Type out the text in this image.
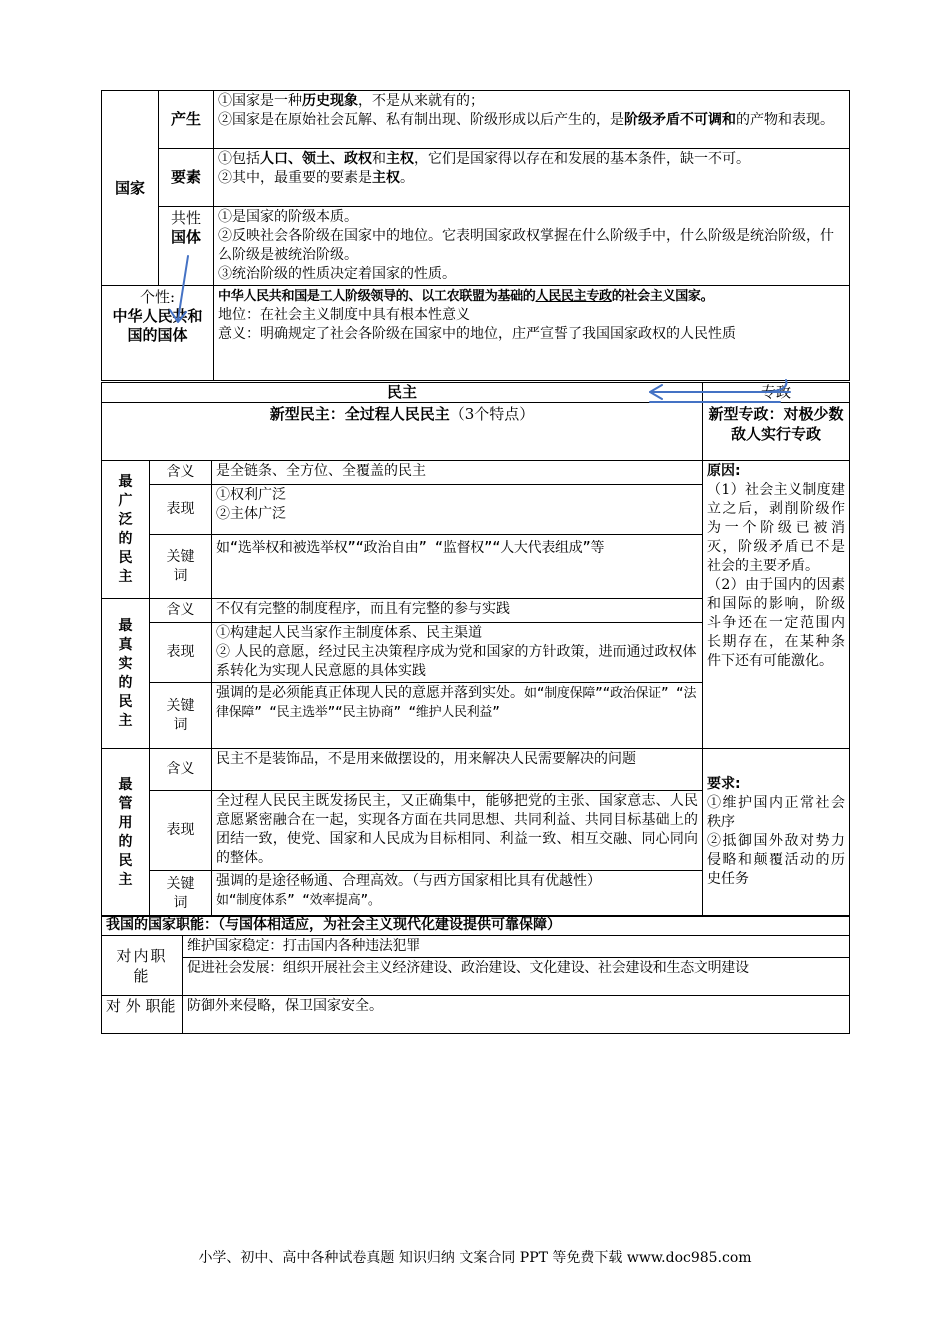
国家	产生	①国家是一种历史现象，不是从来就有的；
②国家是在原始社会瓦解、私有制出现、阶级形成以后产生的，是阶级矛盾不可调和的产物和表现。

	要素	①包括人口、领土、政权和主权，它们是国家得以存在和发展的基本条件，缺一不可。
②其中，最重要的要素是主权。

	共性
国体	①是国家的阶级本质。
②反映社会各阶级在国家中的地位。它表明国家政权掌握在什么阶级手中，什么阶级是统治阶级，什么阶级是被统治阶级。
③统治阶级的性质决定着国家的性质。

个性:
中华人民共和国的国体		中华人民共和国是工人阶级领导的、以工农联盟为基础的人民民主专政的社会主义国家。
地位：在社会主义制度中具有根本性意义
意义：明确规定了社会各阶级在国家中的地位，庄严宣誓了我国国家政权的人民性质
民主			专政
新型民主：全过程人民民主（3个特点）			新型专政：对极少数敌人实行专政

最广泛的民主	含义	是全链条、全方位、全覆盖的民主	原因:
（1）社会主义制度建立之后，剥削阶级作为一个阶级已被消灭，阶级矛盾已不是社会的主要矛盾。
（2）由于国内的因素和国际的影响，阶级斗争还在一定范围内长期存在，在某种条件下还有可能激化。

	表现	①权利广泛
②主体广泛	

	关键词	如“选举权和被选举权”“政治自由” “监督权”“人大代表组成”等	

最真实的民主	含义	不仅有完整的制度程序，而且有完整的参与实践	
	表现	①构建起人民当家作主制度体系、民主渠道
② 人民的意愿，经过民主决策程序成为党和国家的方针政策，进而通过政权体系转化为实现人民意愿的具体实践	

	关键词	强调的是必须能真正体现人民的意愿并落到实处。如“制度保障”“政治保证” “法律保障” “民主选举”“民主协商” “维护人民利益”	

最管用的民主	含义	民主不是装饰品，不是用来做摆设的，用来解决人民需要解决的问题	要求:
①维护国内正常社会秩序
②抵御国外敌对势力侵略和颠覆活动的历史任务

	表现	全过程人民民主既发扬民主，又正确集中，能够把党的主张、国家意志、人民意愿紧密融合在一起，实现各方面在共同思想、共同利益、共同目标基础上的团结一致，使党、国家和人民成为目标相同、利益一致、相互交融、同心同向的整体。	

	关键词	强调的是途径畅通、合理高效。（与西方国家相比具有优越性）
如“制度体系” “效率提高”。	
我国的国家职能：（与国体相适应，为社会主义现代化建设提供可靠保障）	

对内职能	维护国家稳定：打击国内各种违法犯罪
	促进社会发展：组织开展社会主义经济建设、政治建设、文化建设、社会建设和生态文明建设

对 外 职能	防御外来侵略，保卫国家安全。
小学、初中、高中各种试卷真题 知识归纳 文案合同 PPT 等免费下载 www.doc985.com
